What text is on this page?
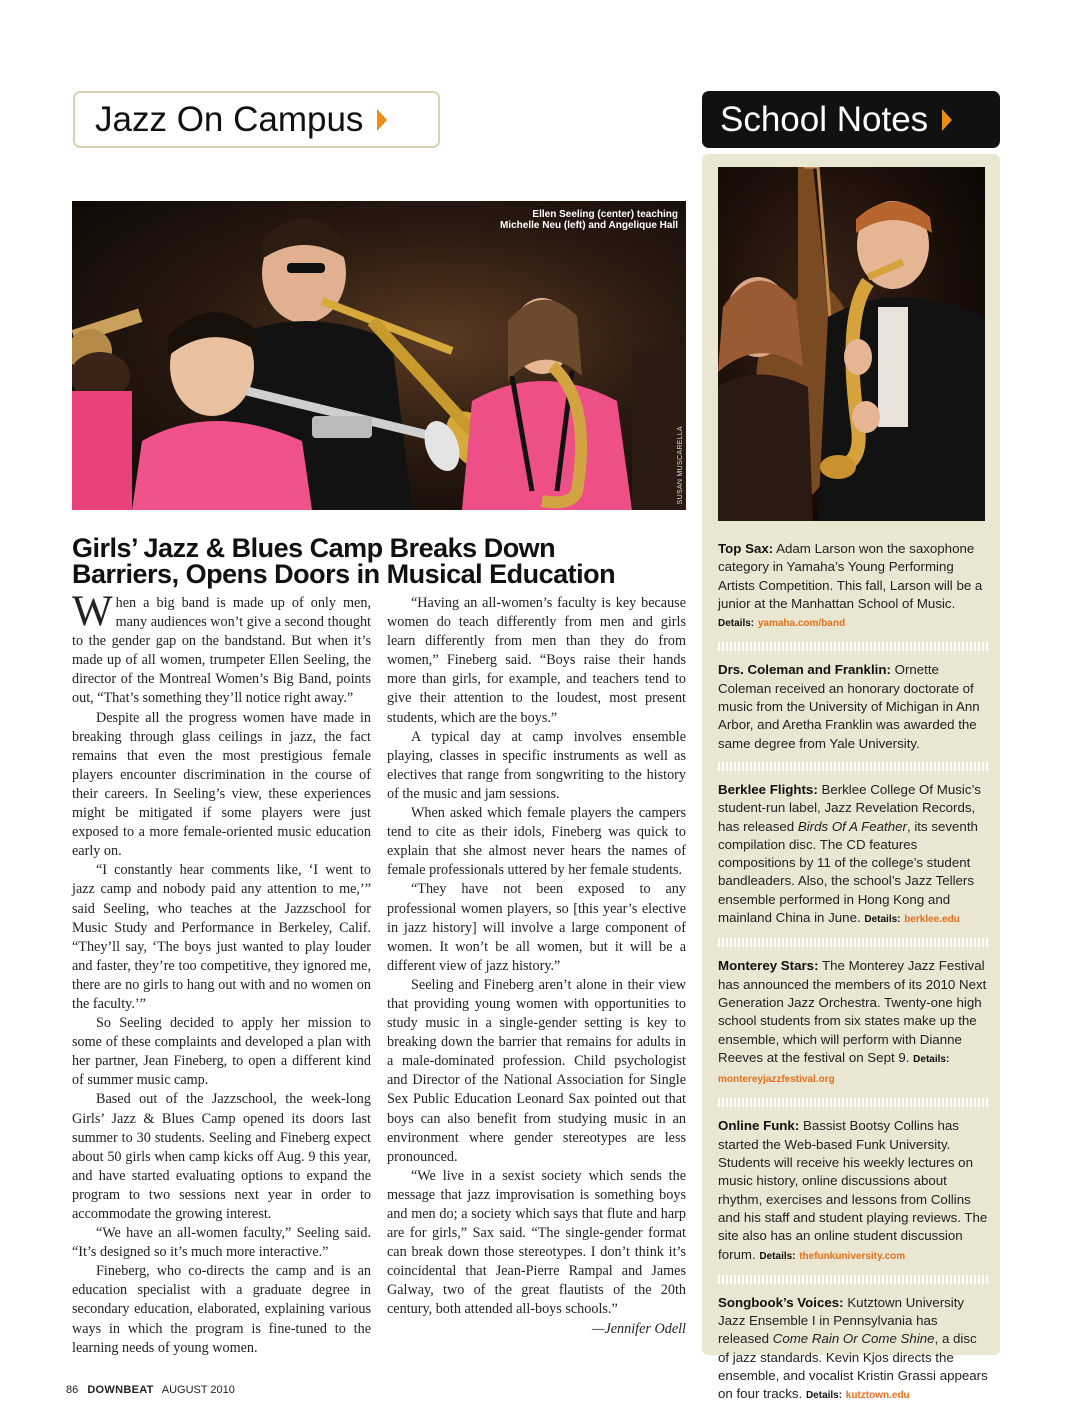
Jazz On Campus	School Notes
Ellen Seeling (center) teaching
Michelle Neu (left) and Angelique Hall
SUSAN MUSCARELLA
Girls’ Jazz & Blues Camp Breaks Down
Barriers, Opens Doors in Musical Education

When a big band is made up of only men, many audiences won’t give a second thought to the gender gap on the bandstand. But when it’s made up of all women, trumpeter Ellen Seeling, the director of the Montreal Women’s Big Band, points out, “That’s something they’ll notice right away.”

Despite all the progress women have made in breaking through glass ceilings in jazz, the fact remains that even the most prestigious female players encounter discrimination in the course of their careers. In Seeling’s view, these experiences might be mitigated if some players were just exposed to a more female-oriented music education early on.

“I constantly hear comments like, ‘I went to jazz camp and nobody paid any attention to me,’” said Seeling, who teaches at the Jazzschool for Music Study and Performance in Berkeley, Calif. “They’ll say, ‘The boys just wanted to play louder and faster, they’re too competitive, they ignored me, there are no girls to hang out with and no women on the faculty.’”

So Seeling decided to apply her mission to some of these complaints and developed a plan with her partner, Jean Fineberg, to open a different kind of summer music camp.

Based out of the Jazzschool, the week-long Girls’ Jazz & Blues Camp opened its doors last summer to 30 students. Seeling and Fineberg expect about 50 girls when camp kicks off Aug. 9 this year, and have started evaluating options to expand the program to two sessions next year in order to accommodate the growing interest.

“We have an all-women faculty,” Seeling said. “It’s designed so it’s much more interactive.”

Fineberg, who co-directs the camp and is an education specialist with a graduate degree in secondary education, elaborated, explaining various ways in which the program is fine-tuned to the learning needs of young women.

“Having an all-women’s faculty is key because women do teach differently from men and girls learn differently from men than they do from women,” Fineberg said. “Boys raise their hands more than girls, for example, and teachers tend to give their attention to the loudest, most present students, which are the boys.”

A typical day at camp involves ensemble playing, classes in specific instruments as well as electives that range from songwriting to the history of the music and jam sessions.

When asked which female players the campers tend to cite as their idols, Fineberg was quick to explain that she almost never hears the names of female professionals uttered by her female students.

“They have not been exposed to any professional women players, so [this year’s elective in jazz history] will involve a large component of women. It won’t be all women, but it will be a different view of jazz history.”

Seeling and Fineberg aren’t alone in their view that providing young women with opportunities to study music in a single-gender setting is key to breaking down the barrier that remains for adults in a male-dominated profession. Child psychologist and Director of the National Association for Single Sex Public Education Leonard Sax pointed out that boys can also benefit from studying music in an environment where gender stereotypes are less pronounced.

“We live in a sexist society which sends the message that jazz improvisation is something boys and men do; a society which says that flute and harp are for girls,” Sax said. “The single-gender format can break down those stereotypes. I don’t think it’s coincidental that Jean-Pierre Rampal and James Galway, two of the great flautists of the 20th century, both attended all-boys schools.”

—Jennifer Odell
Top Sax: Adam Larson won the saxophone category in Yamaha’s Young Performing Artists Competition. This fall, Larson will be a junior at the Manhattan School of Music.
Details: yamaha.com/band
Drs. Coleman and Franklin: Ornette Coleman received an honorary doctorate of music from the University of Michigan in Ann Arbor, and Aretha Franklin was awarded the same degree from Yale University.
Berklee Flights: Berklee College Of Music’s student-run label, Jazz Revelation Records, has released Birds Of A Feather, its seventh compilation disc. The CD features compositions by 11 of the college’s student bandleaders. Also, the school’s Jazz Tellers ensemble performed in Hong Kong and mainland China in June. Details: berklee.edu
Monterey Stars: The Monterey Jazz Festival has announced the members of its 2010 Next Generation Jazz Orchestra. Twenty-one high school students from six states make up the ensemble, which will perform with Dianne Reeves at the festival on Sept 9. Details: montereyjazzfestival.org
Online Funk: Bassist Bootsy Collins has started the Web-based Funk University. Students will receive his weekly lectures on music history, online discussions about rhythm, exercises and lessons from Collins and his staff and student playing reviews. The site also has an online student discussion forum. Details: thefunkuniversity.com
Songbook’s Voices: Kutztown University Jazz Ensemble I in Pennsylvania has released Come Rain Or Come Shine, a disc of jazz standards. Kevin Kjos directs the ensemble, and vocalist Kristin Grassi appears on four tracks. Details: kutztown.edu
86 DOWNBEAT AUGUST 2010
